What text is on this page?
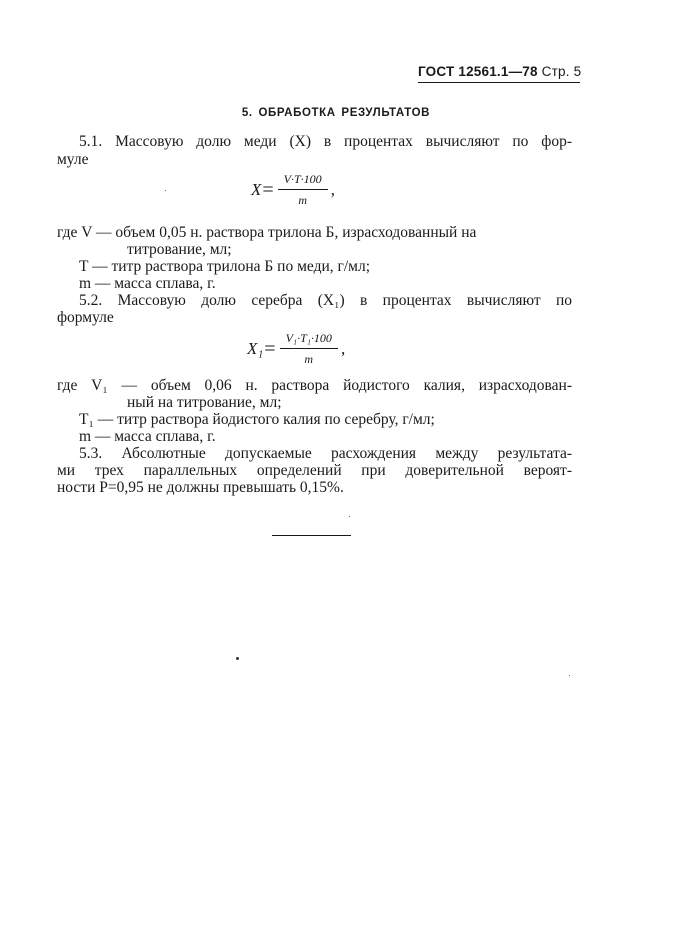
ГОСТ 12561.1—78 Стр. 5
5. ОБРАБОТКА РЕЗУЛЬТАТОВ
5.1. Массовую долю меди (X) в процентах вычисляют по фор-
муле
$X = \frac{V\cdot T\cdot 100}{m}$ ,
где V — объем 0,05 н. раствора трилона Б, израсходованный на
титрование, мл;
T — титр раствора трилона Б по меди, г/мл;
m — масса сплава, г.
5.2. Массовую долю серебра (X₁) в процентах вычисляют по
формуле
$X_1 = \frac{\text{V₁·T₁·100}}{m}$ ,
где V₁ — объем 0,06 н. раствора йодистого калия, израсходован-
ный на титрование, мл;
T₁ — титр раствора йодистого калия по серебру, г/мл;
m — масса сплава, г.
5.3. Абсолютные допускаемые расхождения между результата-
ми трех параллельных определений при доверительной вероят-
ности P=0,95 не должны превышать 0,15%.
